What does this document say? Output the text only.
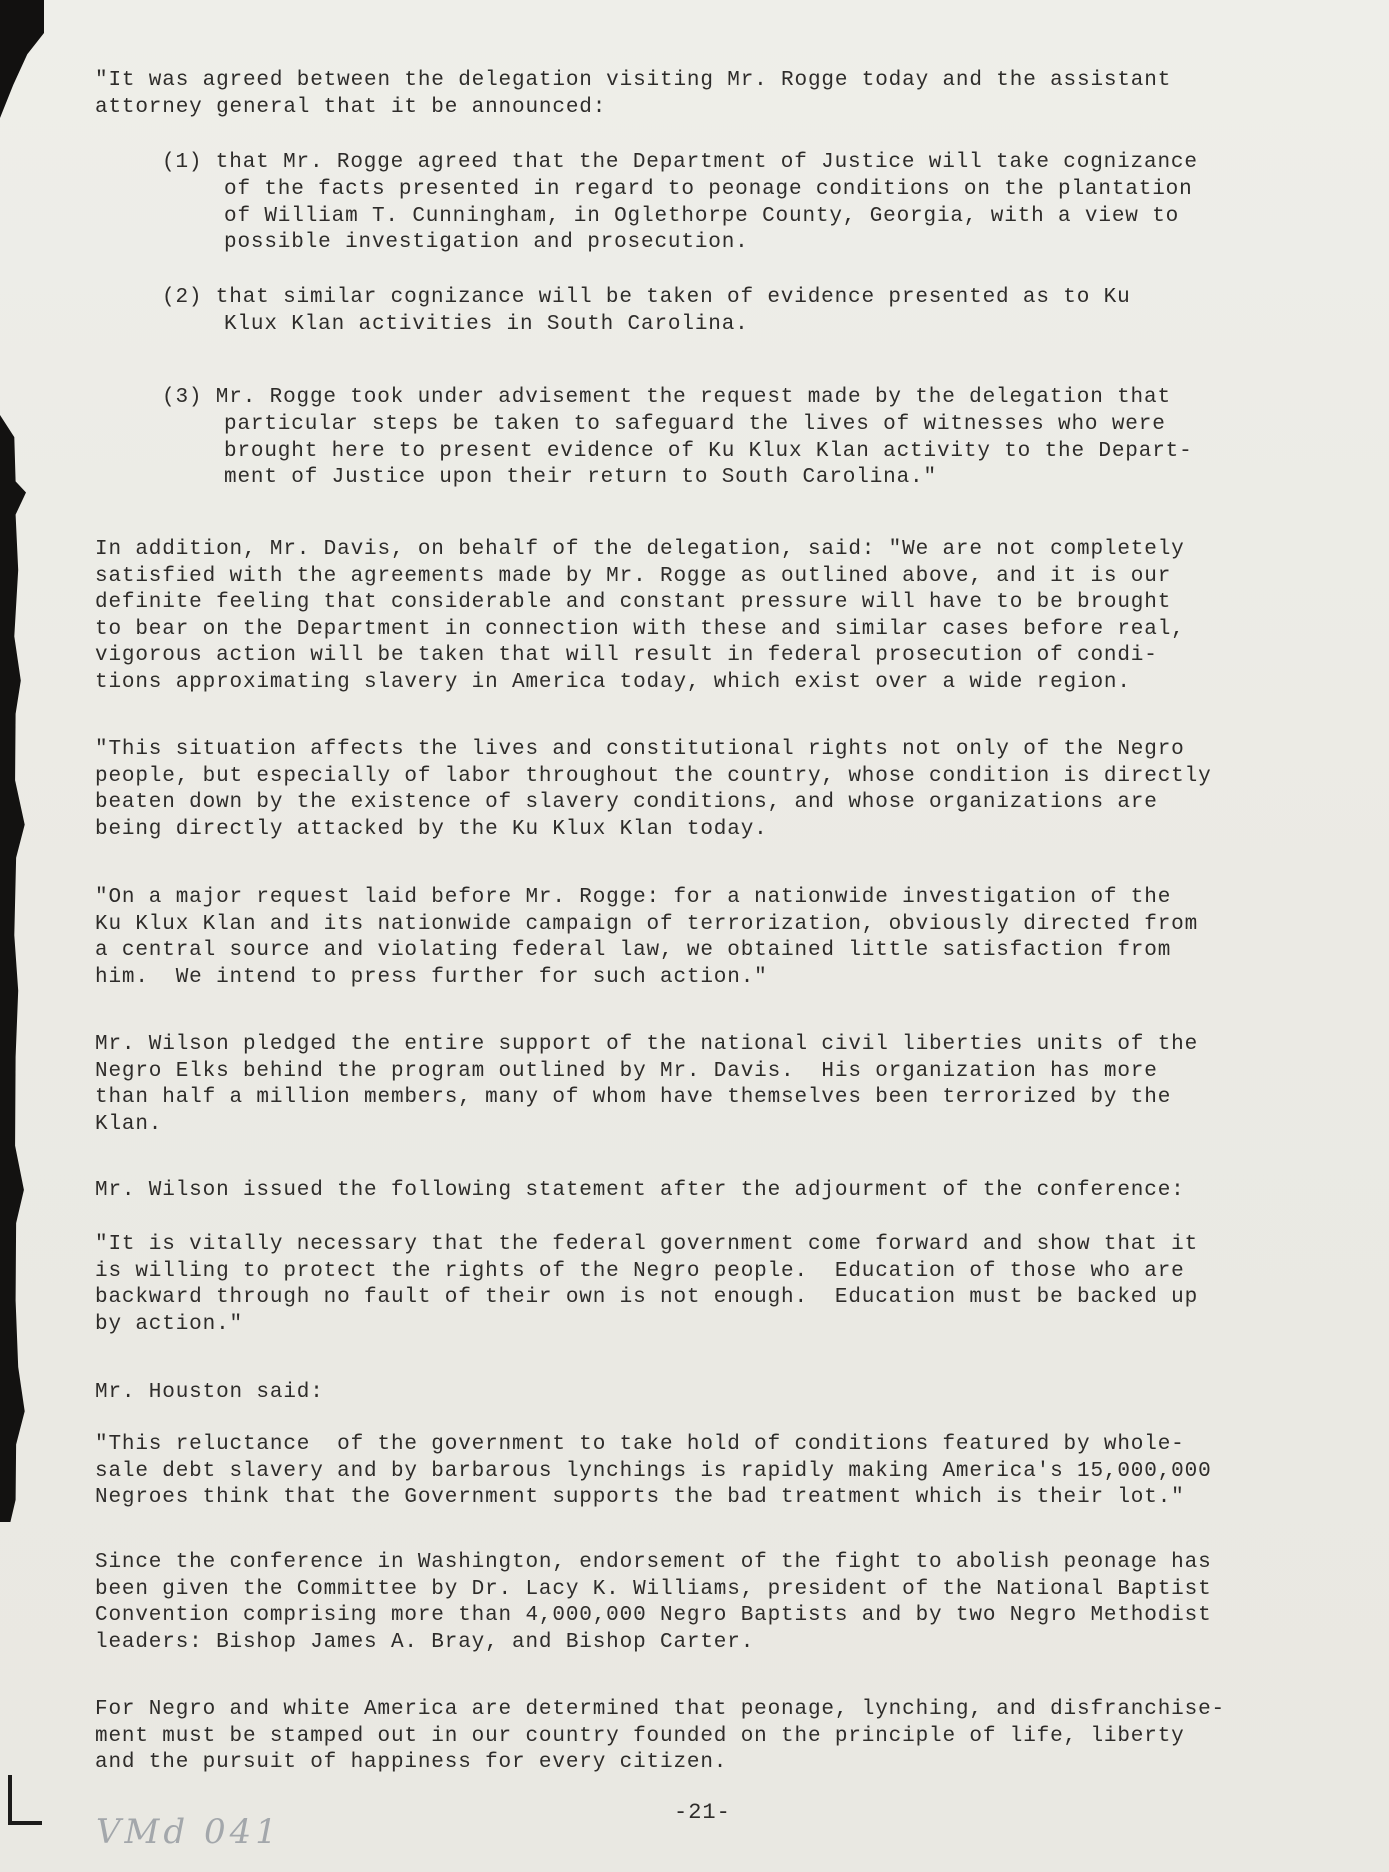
"It was agreed between the delegation visiting Mr. Rogge today and the assistant
attorney general that it be announced:
(1) that Mr. Rogge agreed that the Department of Justice will take cognizance
of the facts presented in regard to peonage conditions on the plantation
of William T. Cunningham, in Oglethorpe County, Georgia, with a view to
possible investigation and prosecution.
(2) that similar cognizance will be taken of evidence presented as to Ku
Klux Klan activities in South Carolina.
(3) Mr. Rogge took under advisement the request made by the delegation that
particular steps be taken to safeguard the lives of witnesses who were
brought here to present evidence of Ku Klux Klan activity to the Depart-
ment of Justice upon their return to South Carolina."
In addition, Mr. Davis, on behalf of the delegation, said: "We are not completely
satisfied with the agreements made by Mr. Rogge as outlined above, and it is our
definite feeling that considerable and constant pressure will have to be brought
to bear on the Department in connection with these and similar cases before real,
vigorous action will be taken that will result in federal prosecution of condi-
tions approximating slavery in America today, which exist over a wide region.
"This situation affects the lives and constitutional rights not only of the Negro
people, but especially of labor throughout the country, whose condition is directly
beaten down by the existence of slavery conditions, and whose organizations are
being directly attacked by the Ku Klux Klan today.
"On a major request laid before Mr. Rogge: for a nationwide investigation of the
Ku Klux Klan and its nationwide campaign of terrorization, obviously directed from
a central source and violating federal law, we obtained little satisfaction from
him.  We intend to press further for such action."
Mr. Wilson pledged the entire support of the national civil liberties units of the
Negro Elks behind the program outlined by Mr. Davis.  His organization has more
than half a million members, many of whom have themselves been terrorized by the
Klan.
Mr. Wilson issued the following statement after the adjourment of the conference:
"It is vitally necessary that the federal government come forward and show that it
is willing to protect the rights of the Negro people.  Education of those who are
backward through no fault of their own is not enough.  Education must be backed up
by action."
Mr. Houston said:
"This reluctance  of the government to take hold of conditions featured by whole-
sale debt slavery and by barbarous lynchings is rapidly making America's 15,000,000
Negroes think that the Government supports the bad treatment which is their lot."
Since the conference in Washington, endorsement of the fight to abolish peonage has
been given the Committee by Dr. Lacy K. Williams, president of the National Baptist
Convention comprising more than 4,000,000 Negro Baptists and by two Negro Methodist
leaders: Bishop James A. Bray, and Bishop Carter.
For Negro and white America are determined that peonage, lynching, and disfranchise-
ment must be stamped out in our country founded on the principle of life, liberty
and the pursuit of happiness for every citizen.
-21-
VMd 041
